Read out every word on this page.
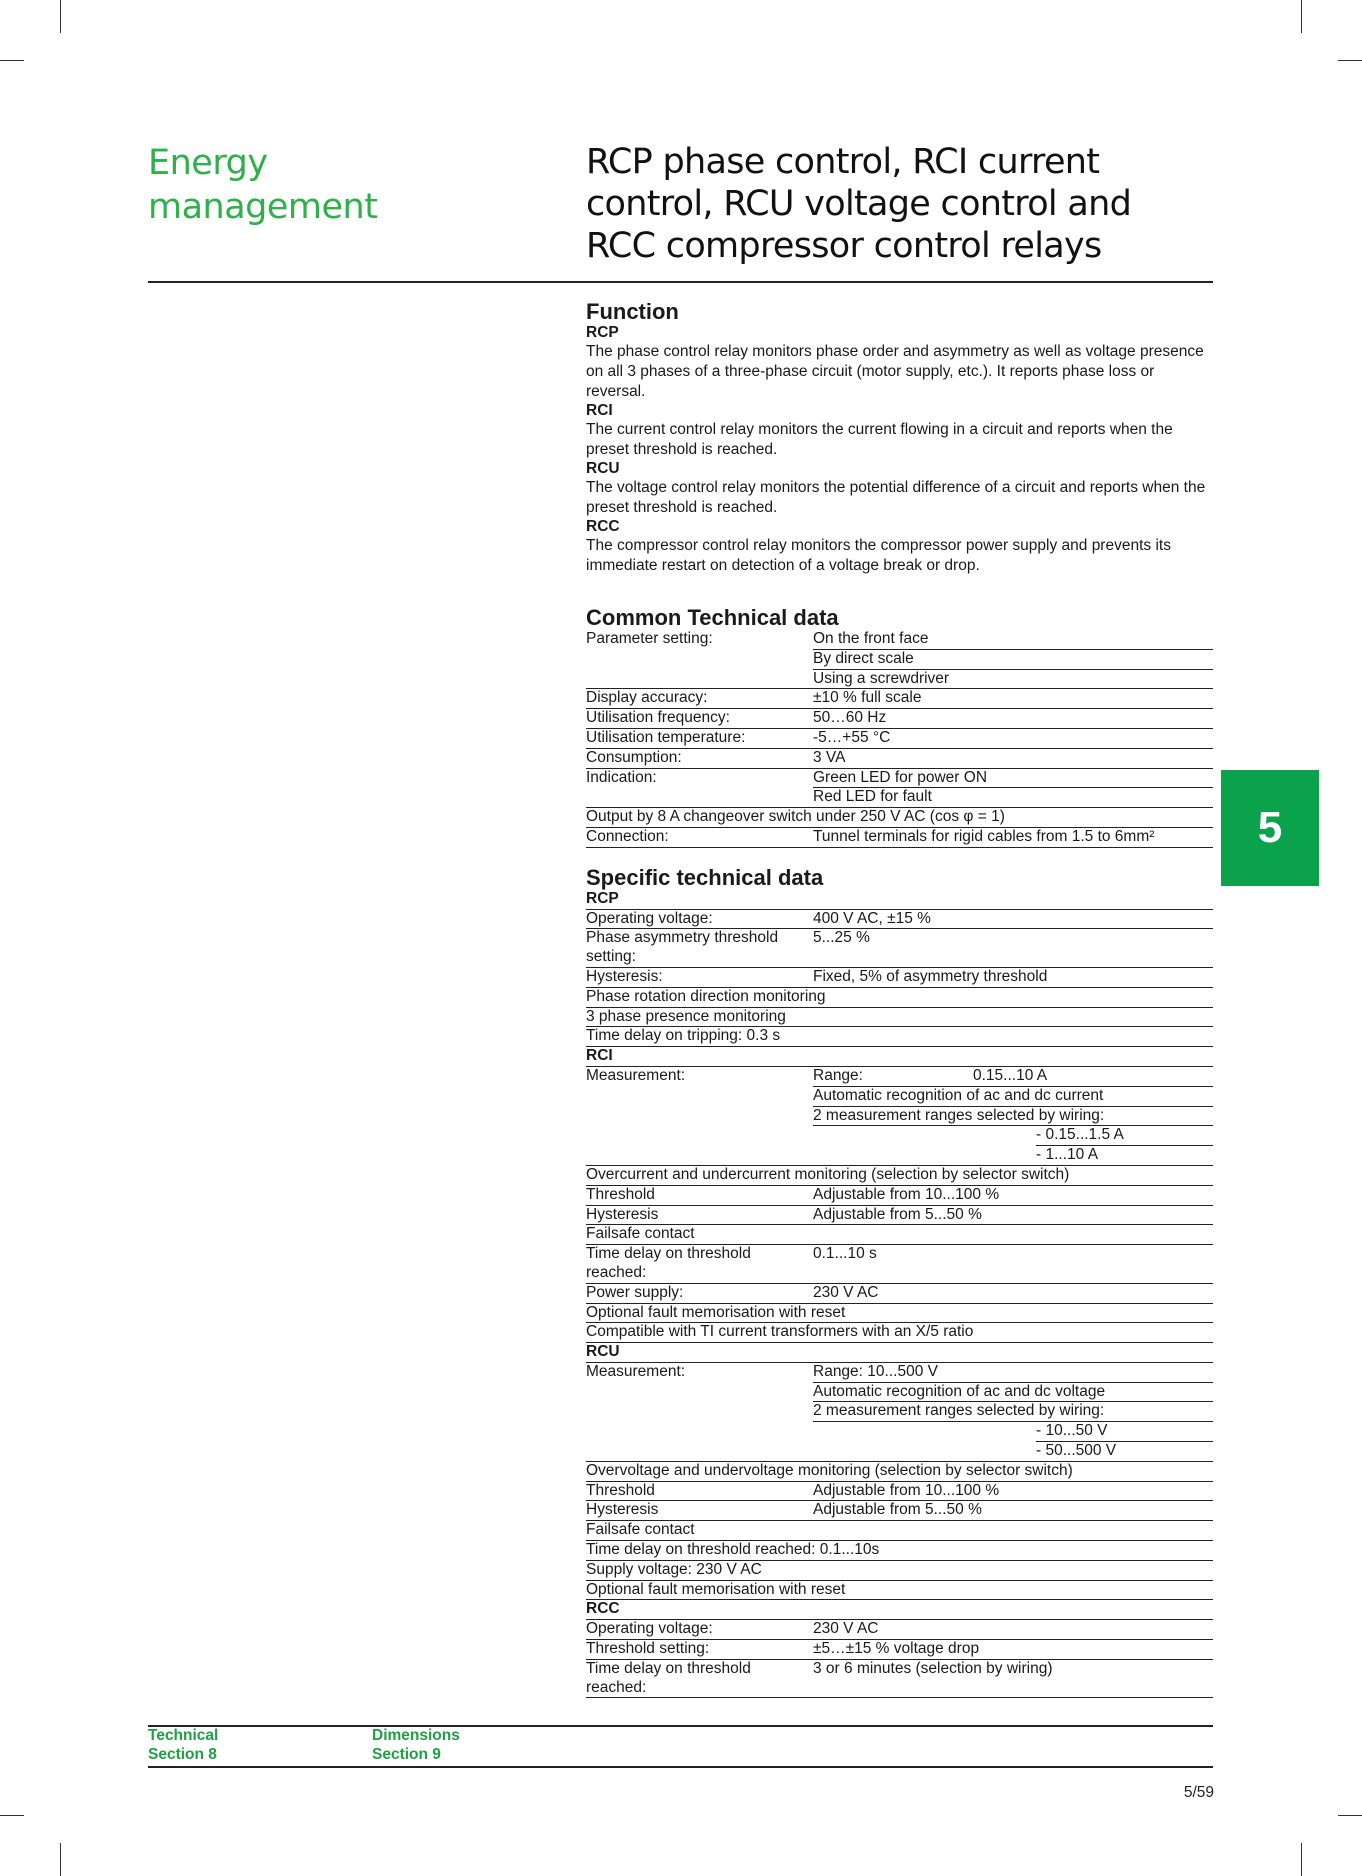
Energy
management
RCP phase control, RCI current
control, RCU voltage control and
RCC compressor control relays
Function
RCP

The phase control relay monitors phase order and asymmetry as well as voltage presence on all 3 phases of a three-phase circuit (motor supply, etc.). It reports phase loss or reversal.

RCI

The current control relay monitors the current flowing in a circuit and reports when the preset threshold is reached.

RCU

The voltage control relay monitors the potential difference of a circuit and reports when the preset threshold is reached.

RCC

The compressor control relay monitors the compressor power supply and prevents its immediate restart on detection of a voltage break or drop.

Common Technical data
Parameter setting:	On the front face
	By direct scale
	Using a screwdriver
Display accuracy:	±10 % full scale
Utilisation frequency:	50…60 Hz
Utilisation temperature:	-5…+55 °C
Consumption:	3 VA
Indication:	Green LED for power ON
	Red LED for fault
Output by 8 A changeover switch under 250 V AC (cos φ = 1)	
Connection:	Tunnel terminals for rigid cables from 1.5 to 6mm²
Specific technical data
RCP	
Operating voltage:	400 V AC, ±15 %
Phase asymmetry threshold setting:	5...25 %
Hysteresis:	Fixed, 5% of asymmetry threshold
Phase rotation direction monitoring	
3 phase presence monitoring	
Time delay on tripping: 0.3 s	
RCI	
Measurement:	Range: 0.15...10 A
	Automatic recognition of ac and dc current
	2 measurement ranges selected by wiring:

	- 0.15...1.5 A

	- 1...10 A

Overcurrent and undercurrent monitoring (selection by selector switch)	
Threshold	Adjustable from 10...100 %
Hysteresis	Adjustable from 5...50 %
Failsafe contact	
Time delay on threshold reached:	0.1...10 s
Power supply:	230 V AC
Optional fault memorisation with reset	
Compatible with TI current transformers with an X/5 ratio	
RCU	
Measurement:	Range: 10...500 V
	Automatic recognition of ac and dc voltage
	2 measurement ranges selected by wiring:

	- 10...50 V

	- 50...500 V

Overvoltage and undervoltage monitoring (selection by selector switch)	
Threshold	Adjustable from 10...100 %
Hysteresis	Adjustable from 5...50 %
Failsafe contact	
Time delay on threshold reached: 0.1...10s	
Supply voltage: 230 V AC	
Optional fault memorisation with reset	
RCC	
Operating voltage:	230 V AC
Threshold setting:	±5…±15 % voltage drop
Time delay on threshold reached:	3 or 6 minutes (selection by wiring)
5
Technical
Section 8
Dimensions
Section 9
5/59
